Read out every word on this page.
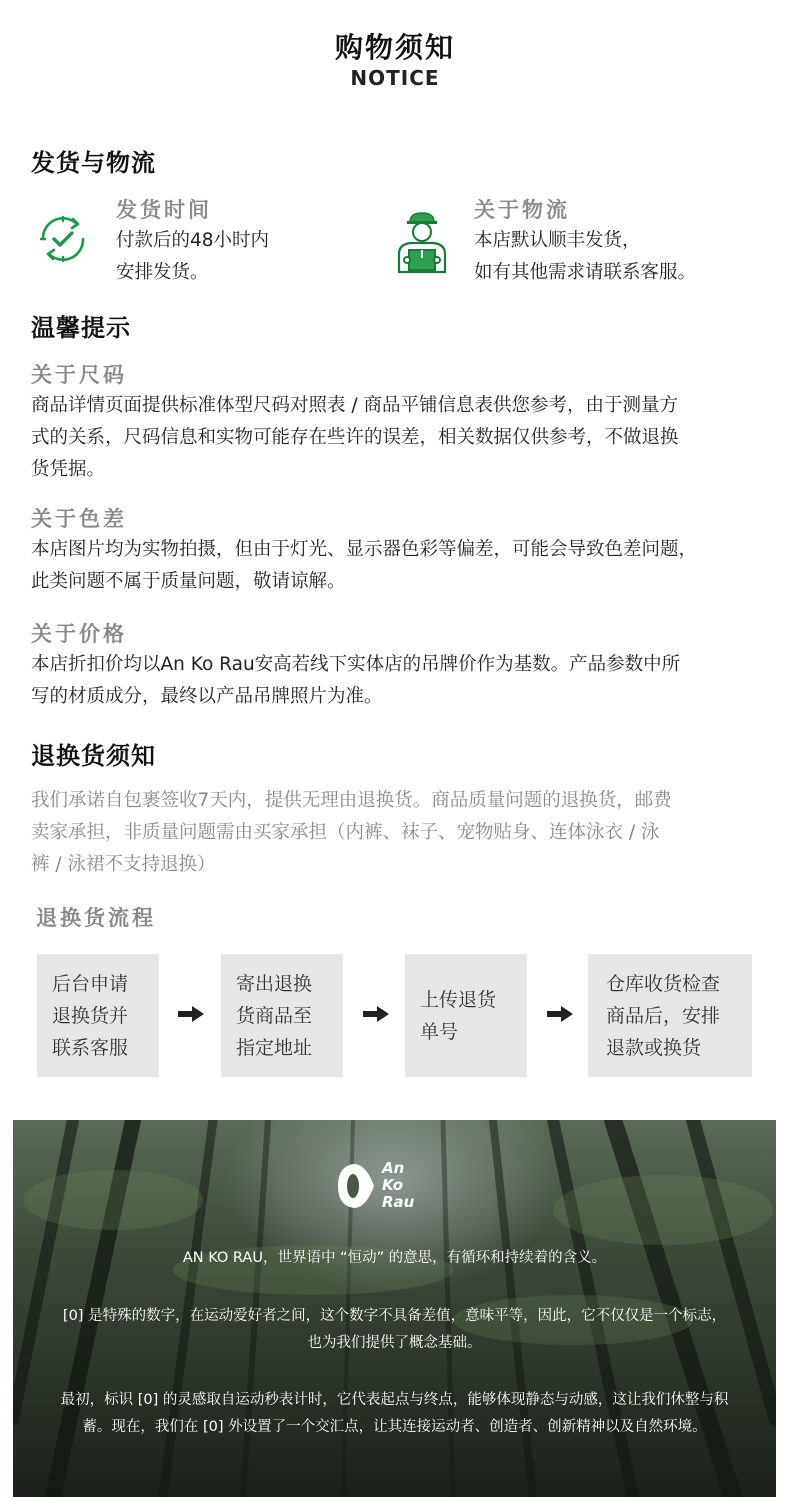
购物须知
NOTICE
发货与物流
发货时间
付款后的48小时内
安排发货。
关于物流
本店默认顺丰发货，
如有其他需求请联系客服。
温馨提示
关于尺码
商品详情页面提供标准体型尺码对照表 / 商品平铺信息表供您参考，由于测量方
式的关系，尺码信息和实物可能存在些许的误差，相关数据仅供参考，不做退换
货凭据。
关于色差
本店图片均为实物拍摄，但由于灯光、显示器色彩等偏差，可能会导致色差问题，
此类问题不属于质量问题，敬请谅解。
关于价格
本店折扣价均以An Ko Rau安高若线下实体店的吊牌价作为基数。产品参数中所
写的材质成分，最终以产品吊牌照片为准。
退换货须知
我们承诺自包裹签收7天内，提供无理由退换货。商品质量问题的退换货，邮费
卖家承担，非质量问题需由买家承担（内裤、袜子、宠物贴身、连体泳衣 / 泳
裤 / 泳裙不支持退换）
退换货流程
后台申请
退换货并
联系客服
寄出退换
货商品至
指定地址
上传退货
单号
仓库收货检查
商品后，安排
退款或换货
An
Ko
Rau
AN KO RAU，世界语中 “恒动” 的意思，有循环和持续着的含义。
[0] 是特殊的数字，在运动爱好者之间，这个数字不具备差值，意味平等，因此，它不仅仅是一个标志，
也为我们提供了概念基础。
最初，标识 [0] 的灵感取自运动秒表计时，它代表起点与终点，能够体现静态与动感，这让我们休整与积
蓄。现在，我们在 [0] 外设置了一个交汇点，让其连接运动者、创造者、创新精神以及自然环境。
